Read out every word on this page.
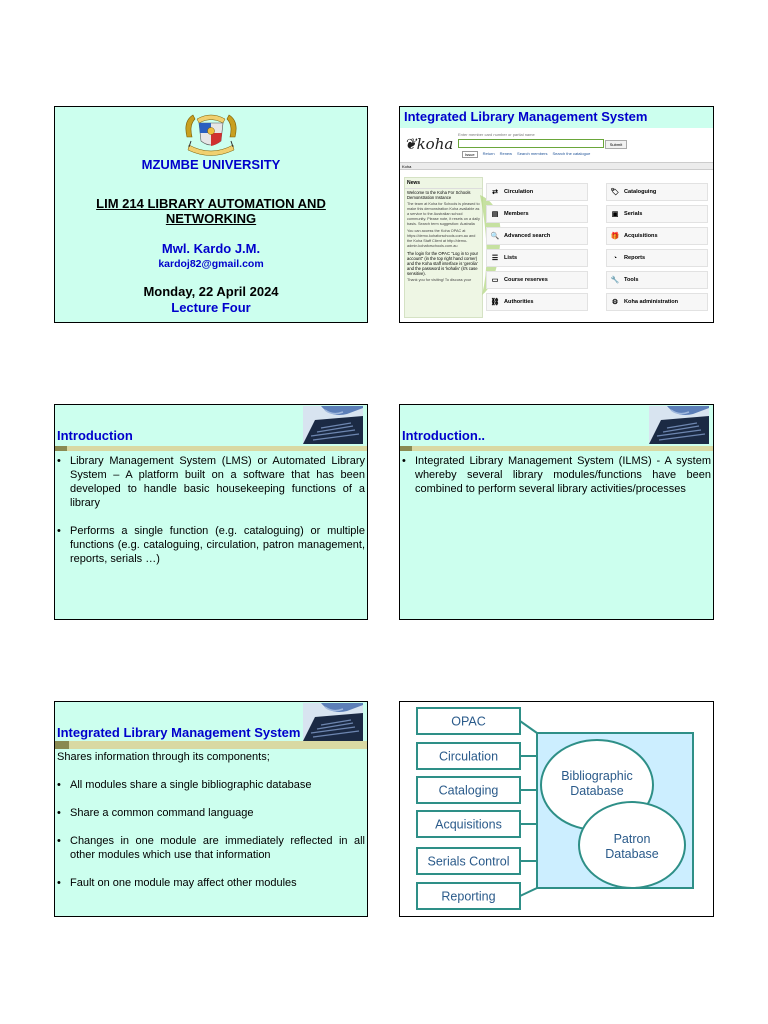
MZUMBE UNIVERSITY
LIM 214 LIBRARY AUTOMATION AND NETWORKING
Mwl. Kardo J.M.
kardoj82@gmail.com
Monday, 22 April 2024
Lecture Four
Integrated Library Management System
❦koha
Enter member card number or partial name
Submit
Issue	Return Renew Search members Search the catalogue
Koha
News
Welcome to the Koha For Schools Demonstration Instance
The team at Koha for Schools is pleased to make this demonstration Koha available as a service to the Australian school community. Please note, it resets on a daily basis. Search term suggestion: Australia
You can access the Koha OPAC at https://demo.kohaforschools.com.au and the Koha Staff Client at http://demo-admin.kohaforschools.com.au
The login for the OPAC "Log in to your account" (in the top right hand corner) and the Koha staff interface is 'gerolia' and the password is 'kohaliv' (it's case sensitive).
Thank you for visiting! To discuss your
⇄	Circulation
▤	Members
🔍 Advanced search
☰	Lists
▭	Course reserves
⛓ Authorities
🏷 Cataloguing
▣	Serials
🎁 Acquisitions
◔	Reports
🔧 Tools
⚙	Koha administration
Introduction
• Library Management System (LMS) or Automated Library System – A platform built on a software that has been developed to handle basic housekeeping functions of a library
• Performs a single function (e.g. cataloguing) or multiple functions (e.g. cataloguing, circulation, patron management, reports, serials …)
Introduction..
• Integrated Library Management System (ILMS) - A system whereby several library modules/functions have been combined to perform several library activities/processes
Integrated Library Management System
Shares information through its components;
• All modules share a single bibliographic database
• Share a common command language
• Changes in one module are immediately reflected in all other modules which use that information
• Fault on one module may affect other modules
OPAC
Circulation
Cataloging
Acquisitions
Serials Control
Reporting
Bibliographic
Database
Patron
Database
